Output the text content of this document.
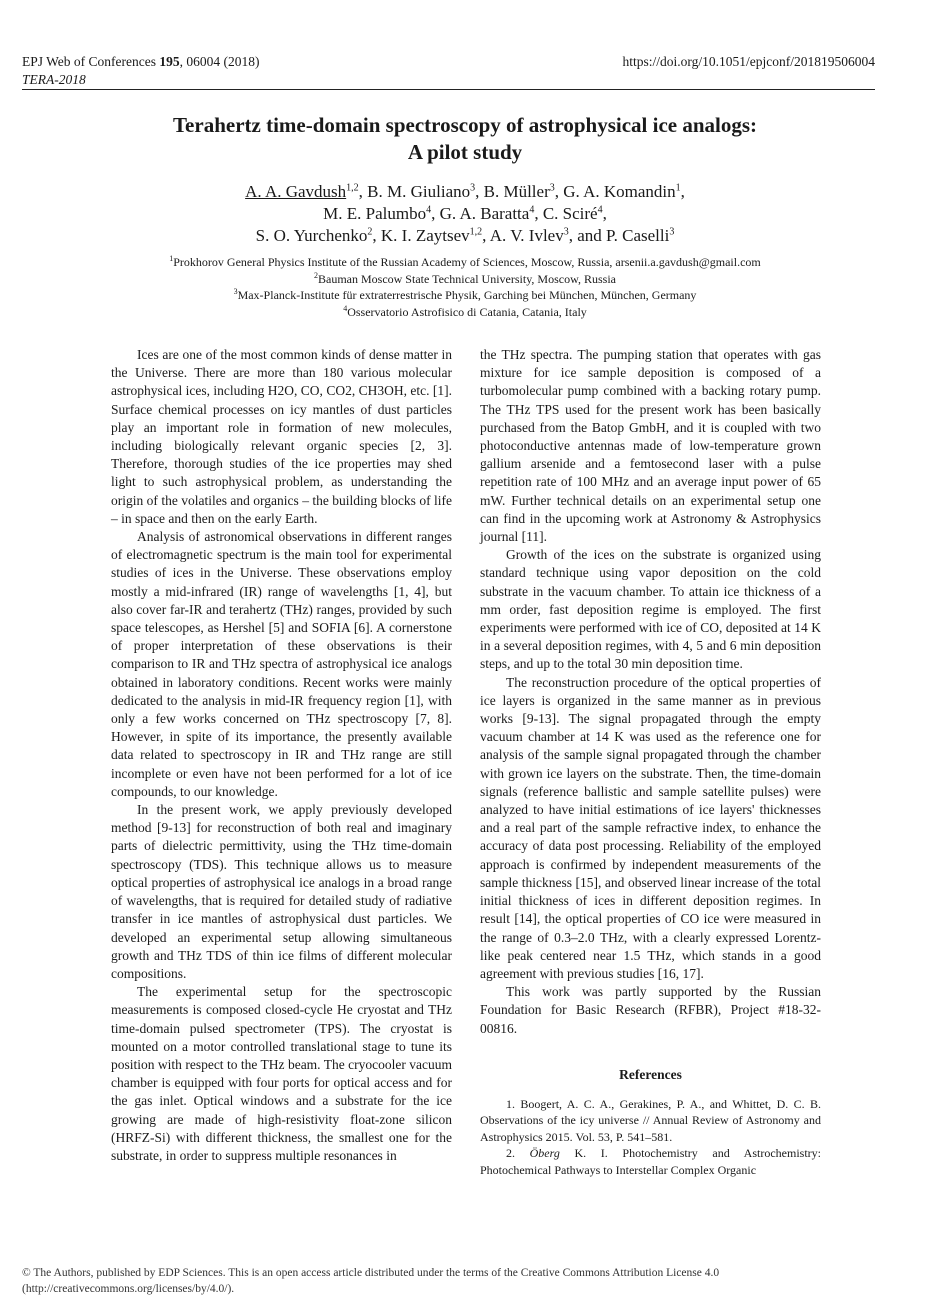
EPJ Web of Conferences 195, 06004 (2018)
TERA-2018
https://doi.org/10.1051/epjconf/201819506004
Terahertz time-domain spectroscopy of astrophysical ice analogs:
A pilot study
A. A. Gavdush$^{1,2}$, B. M. Giuliano$^3$, B. Müller$^3$, G. A. Komandin$^1$,
M. E. Palumbo$^4$, G. A. Baratta$^4$, C. Sciré$^4$,
S. O. Yurchenko$^2$, K. I. Zaytsev$^{1,2}$, A. V. Ivlev$^3$, and P. Caselli$^3$
$^1$Prokhorov General Physics Institute of the Russian Academy of Sciences, Moscow, Russia, arsenii.a.gavdush@gmail.com
$^2$Bauman Moscow State Technical University, Moscow, Russia
$^3$Max-Planck-Institute für extraterrestrische Physik, Garching bei München, München, Germany
$^4$Osservatorio Astrofisico di Catania, Catania, Italy

Ices are one of the most common kinds of dense matter in the Universe. There are more than 180 various molecular astrophysical ices, including H2O, CO, CO2, CH3OH, etc. [1]. Surface chemical processes on icy mantles of dust particles play an important role in formation of new molecules, including biologically relevant organic species [2, 3]. Therefore, thorough studies of the ice properties may shed light to such astrophysical problem, as understanding the origin of the volatiles and organics – the building blocks of life – in space and then on the early Earth.

Analysis of astronomical observations in different ranges of electromagnetic spectrum is the main tool for experimental studies of ices in the Universe. These observations employ mostly a mid-infrared (IR) range of wavelengths [1, 4], but also cover far-IR and terahertz (THz) ranges, provided by such space telescopes, as Hershel [5] and SOFIA [6]. A cornerstone of proper interpretation of these observations is their comparison to IR and THz spectra of astrophysical ice analogs obtained in laboratory conditions. Recent works were mainly dedicated to the analysis in mid-IR frequency region [1], with only a few works concerned on THz spectroscopy [7, 8]. However, in spite of its importance, the presently available data related to spectroscopy in IR and THz range are still incomplete or even have not been performed for a lot of ice compounds, to our knowledge.

In the present work, we apply previously developed method [9-13] for reconstruction of both real and imaginary parts of dielectric permittivity, using the THz time-domain spectroscopy (TDS). This technique allows us to measure optical properties of astrophysical ice analogs in a broad range of wavelengths, that is required for detailed study of radiative transfer in ice mantles of astrophysical dust particles. We developed an experimental setup allowing simultaneous growth and THz TDS of thin ice films of different molecular compositions.

The experimental setup for the spectroscopic measurements is composed closed-cycle He cryostat and THz time-domain pulsed spectrometer (TPS). The cryostat is mounted on a motor controlled translational stage to tune its position with respect to the THz beam. The cryocooler vacuum chamber is equipped with four ports for optical access and for the gas inlet. Optical windows and a substrate for the ice growing are made of high-resistivity float-zone silicon (HRFZ-Si) with different thickness, the smallest one for the substrate, in order to suppress multiple resonances in

the THz spectra. The pumping station that operates with gas mixture for ice sample deposition is composed of a turbomolecular pump combined with a backing rotary pump. The THz TPS used for the present work has been basically purchased from the Batop GmbH, and it is coupled with two photoconductive antennas made of low-temperature grown gallium arsenide and a femtosecond laser with a pulse repetition rate of 100 MHz and an average input power of 65 mW. Further technical details on an experimental setup one can find in the upcoming work at Astronomy & Astrophysics journal [11].

Growth of the ices on the substrate is organized using standard technique using vapor deposition on the cold substrate in the vacuum chamber. To attain ice thickness of a mm order, fast deposition regime is employed. The first experiments were performed with ice of CO, deposited at 14 K in a several deposition regimes, with 4, 5 and 6 min deposition steps, and up to the total 30 min deposition time.

The reconstruction procedure of the optical properties of ice layers is organized in the same manner as in previous works [9-13]. The signal propagated through the empty vacuum chamber at 14 K was used as the reference one for analysis of the sample signal propagated through the chamber with grown ice layers on the substrate. Then, the time-domain signals (reference ballistic and sample satellite pulses) were analyzed to have initial estimations of ice layers' thicknesses and a real part of the sample refractive index, to enhance the accuracy of data post processing. Reliability of the employed approach is confirmed by independent measurements of the sample thickness [15], and observed linear increase of the total initial thickness of ices in different deposition regimes. In result [14], the optical properties of CO ice were measured in the range of 0.3–2.0 THz, with a clearly expressed Lorentz-like peak centered near 1.5 THz, which stands in a good agreement with previous studies [16, 17].

This work was partly supported by the Russian Foundation for Basic Research (RFBR), Project #18-32-00816.

References

1. Boogert, A. C. A., Gerakines, P. A., and Whittet, D. C. B. Observations of the icy universe // Annual Review of Astronomy and Astrophysics 2015. Vol. 53, P. 541–581.

2. Öberg K. I. Photochemistry and Astrochemistry: Photochemical Pathways to Interstellar Complex Organic

© The Authors, published by EDP Sciences. This is an open access article distributed under the terms of the Creative Commons Attribution License 4.0
(http://creativecommons.org/licenses/by/4.0/).
